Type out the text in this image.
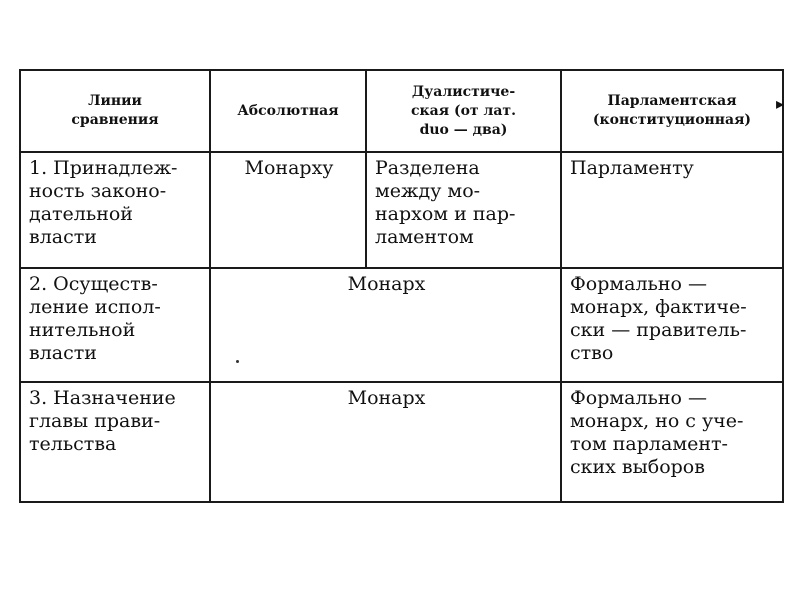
Линии
сравнения	Абсолютная	Дуалистиче-
ская (от лат.
duo — два)	Парламентская
(конституционная)

1. Принадлеж-
ность законо-
дательной
власти	Монарху	Разделена
между мо-
нархом и пар-
ламентом	Парламенту

2. Осуществ-
ление испол-
нительной
власти	Монарх		Формально —
монарх, фактиче-
ски — правитель-
ство

3. Назначение
главы прави-
тельства	Монарх		Формально —
монарх, но с уче-
том парламент-
ских выборов
▸
